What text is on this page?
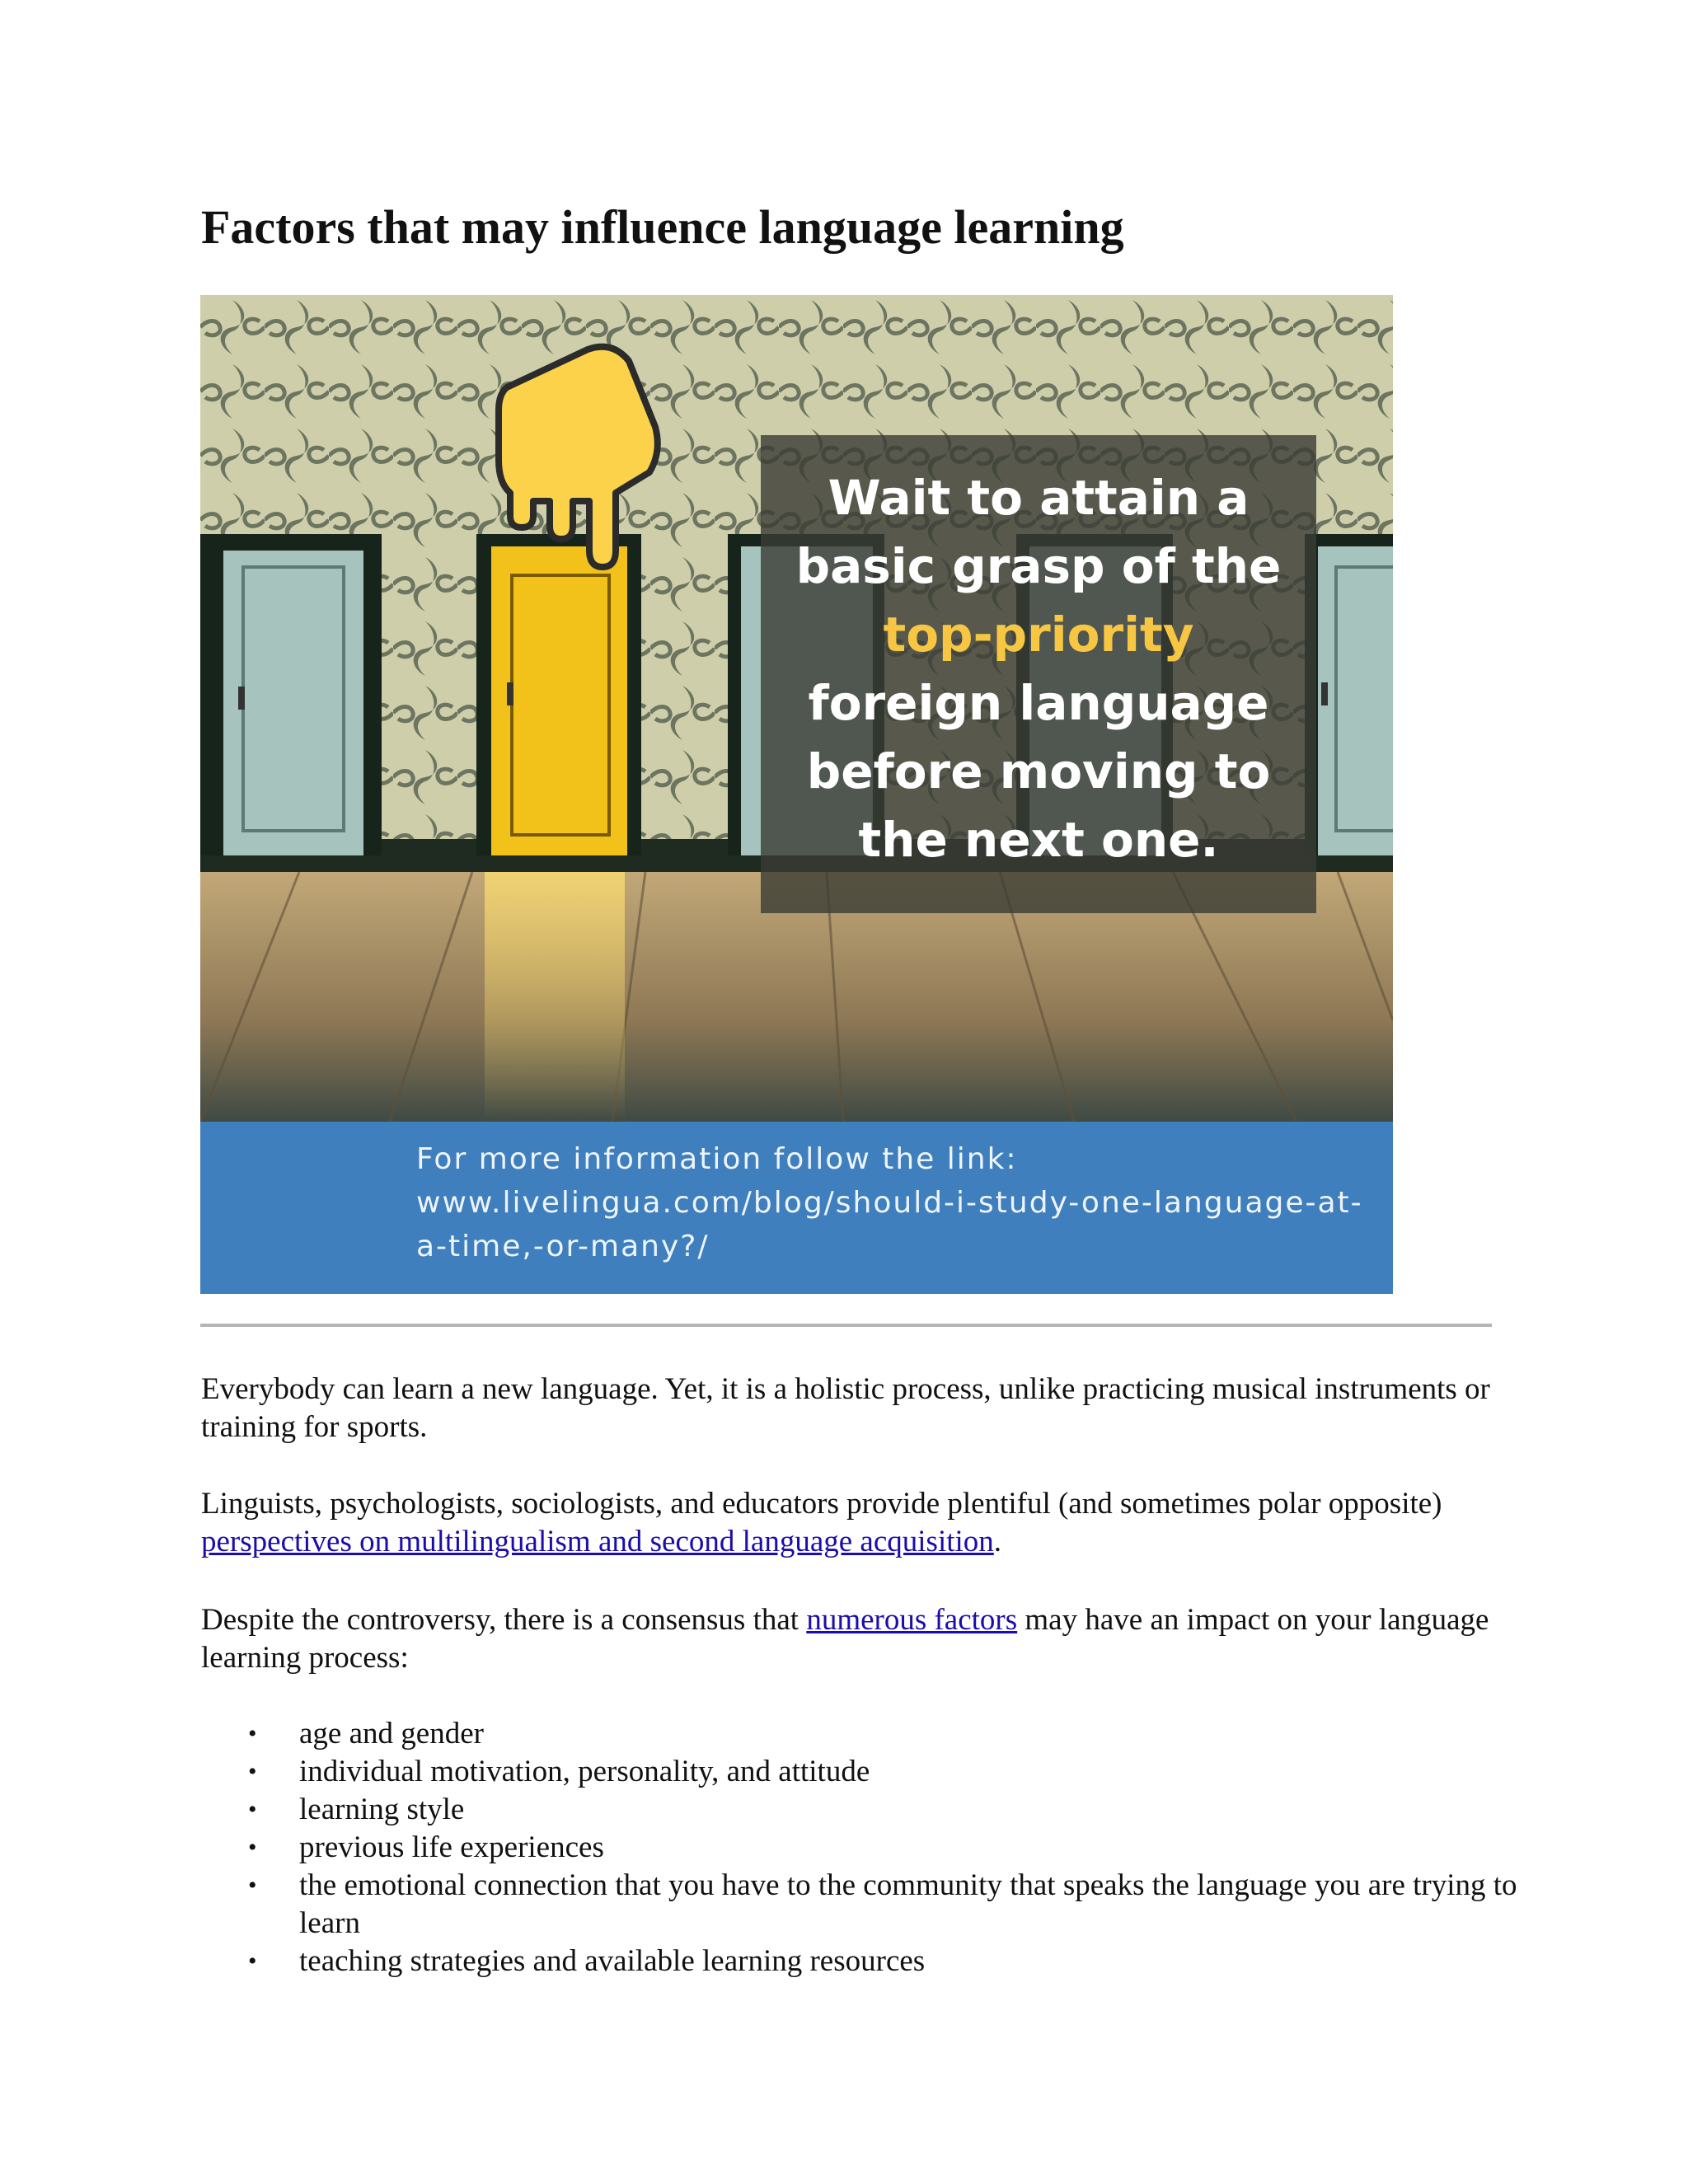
Factors that may influence language learning
Wait to attain a
basic grasp of the
top-priority
foreign language
before moving to
the next one.
For more information follow the link:
www.livelingua.com/blog/should-i-study-one-language-at-
a-time,-or-many?/

Everybody can learn a new language. Yet, it is a holistic process, unlike practicing musical instruments or training for sports.

Linguists, psychologists, sociologists, and educators provide plentiful (and sometimes polar opposite) perspectives on multilingualism and second language acquisition.

Despite the controversy, there is a consensus that numerous factors may have an impact on your language learning process:

• age and gender
• individual motivation, personality, and attitude
• learning style
• previous life experiences
• the emotional connection that you have to the community that speaks the language you are trying to learn
• teaching strategies and available learning resources
